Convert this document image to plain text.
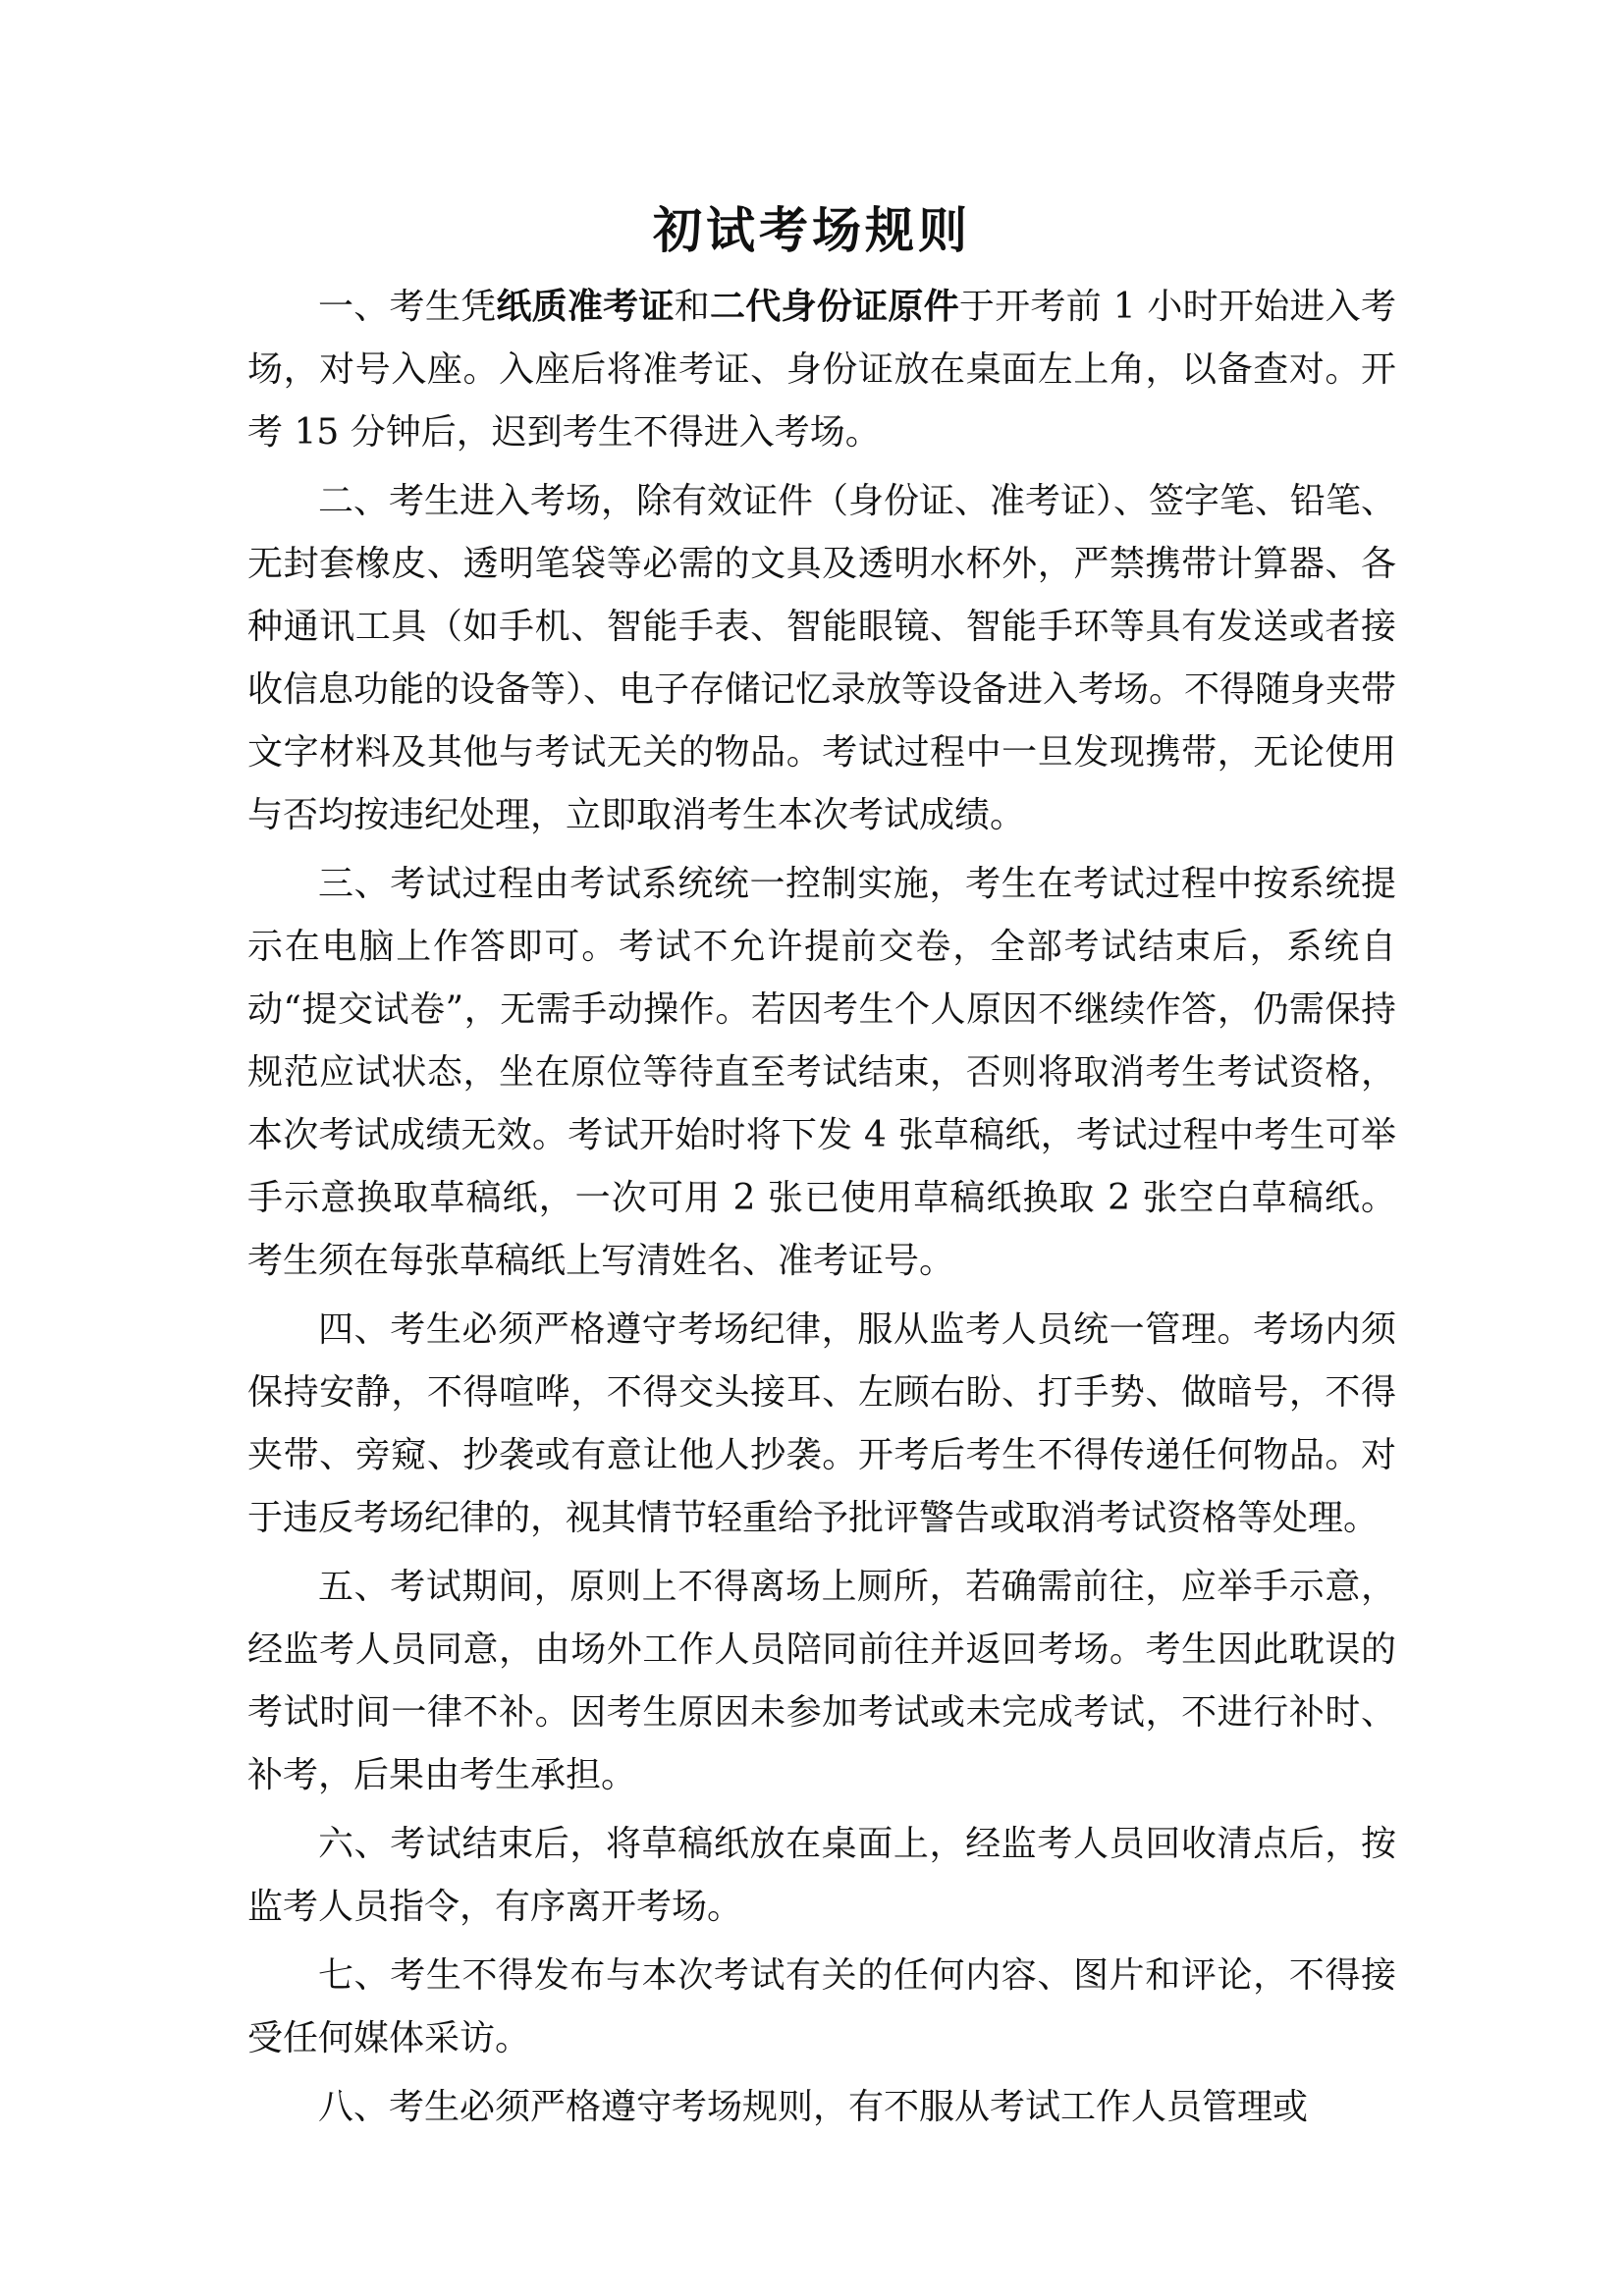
初试考场规则

一、考生凭纸质准考证和二代身份证原件于开考前 1 小时开始进入考场，对号入座。入座后将准考证、身份证放在桌面左上角，以备查对。开考 15 分钟后，迟到考生不得进入考场。

二、考生进入考场，除有效证件（身份证、准考证）、签字笔、铅笔、无封套橡皮、透明笔袋等必需的文具及透明水杯外，严禁携带计算器、各种通讯工具（如手机、智能手表、智能眼镜、智能手环等具有发送或者接收信息功能的设备等）、电子存储记忆录放等设备进入考场。不得随身夹带文字材料及其他与考试无关的物品。考试过程中一旦发现携带，无论使用与否均按违纪处理，立即取消考生本次考试成绩。

三、考试过程由考试系统统一控制实施，考生在考试过程中按系统提示在电脑上作答即可。考试不允许提前交卷，全部考试结束后，系统自动“提交试卷”，无需手动操作。若因考生个人原因不继续作答，仍需保持规范应试状态，坐在原位等待直至考试结束，否则将取消考生考试资格，本次考试成绩无效。考试开始时将下发 4 张草稿纸，考试过程中考生可举手示意换取草稿纸，一次可用 2 张已使用草稿纸换取 2 张空白草稿纸。考生须在每张草稿纸上写清姓名、准考证号。

四、考生必须严格遵守考场纪律，服从监考人员统一管理。考场内须保持安静，不得喧哗，不得交头接耳、左顾右盼、打手势、做暗号，不得夹带、旁窥、抄袭或有意让他人抄袭。开考后考生不得传递任何物品。对于违反考场纪律的，视其情节轻重给予批评警告或取消考试资格等处理。

五、考试期间，原则上不得离场上厕所，若确需前往，应举手示意，经监考人员同意，由场外工作人员陪同前往并返回考场。考生因此耽误的考试时间一律不补。因考生原因未参加考试或未完成考试，不进行补时、补考，后果由考生承担。

六、考试结束后，将草稿纸放在桌面上，经监考人员回收清点后，按监考人员指令，有序离开考场。

七、考生不得发布与本次考试有关的任何内容、图片和评论，不得接受任何媒体采访。

八、考生必须严格遵守考场规则，有不服从考试工作人员管理或
